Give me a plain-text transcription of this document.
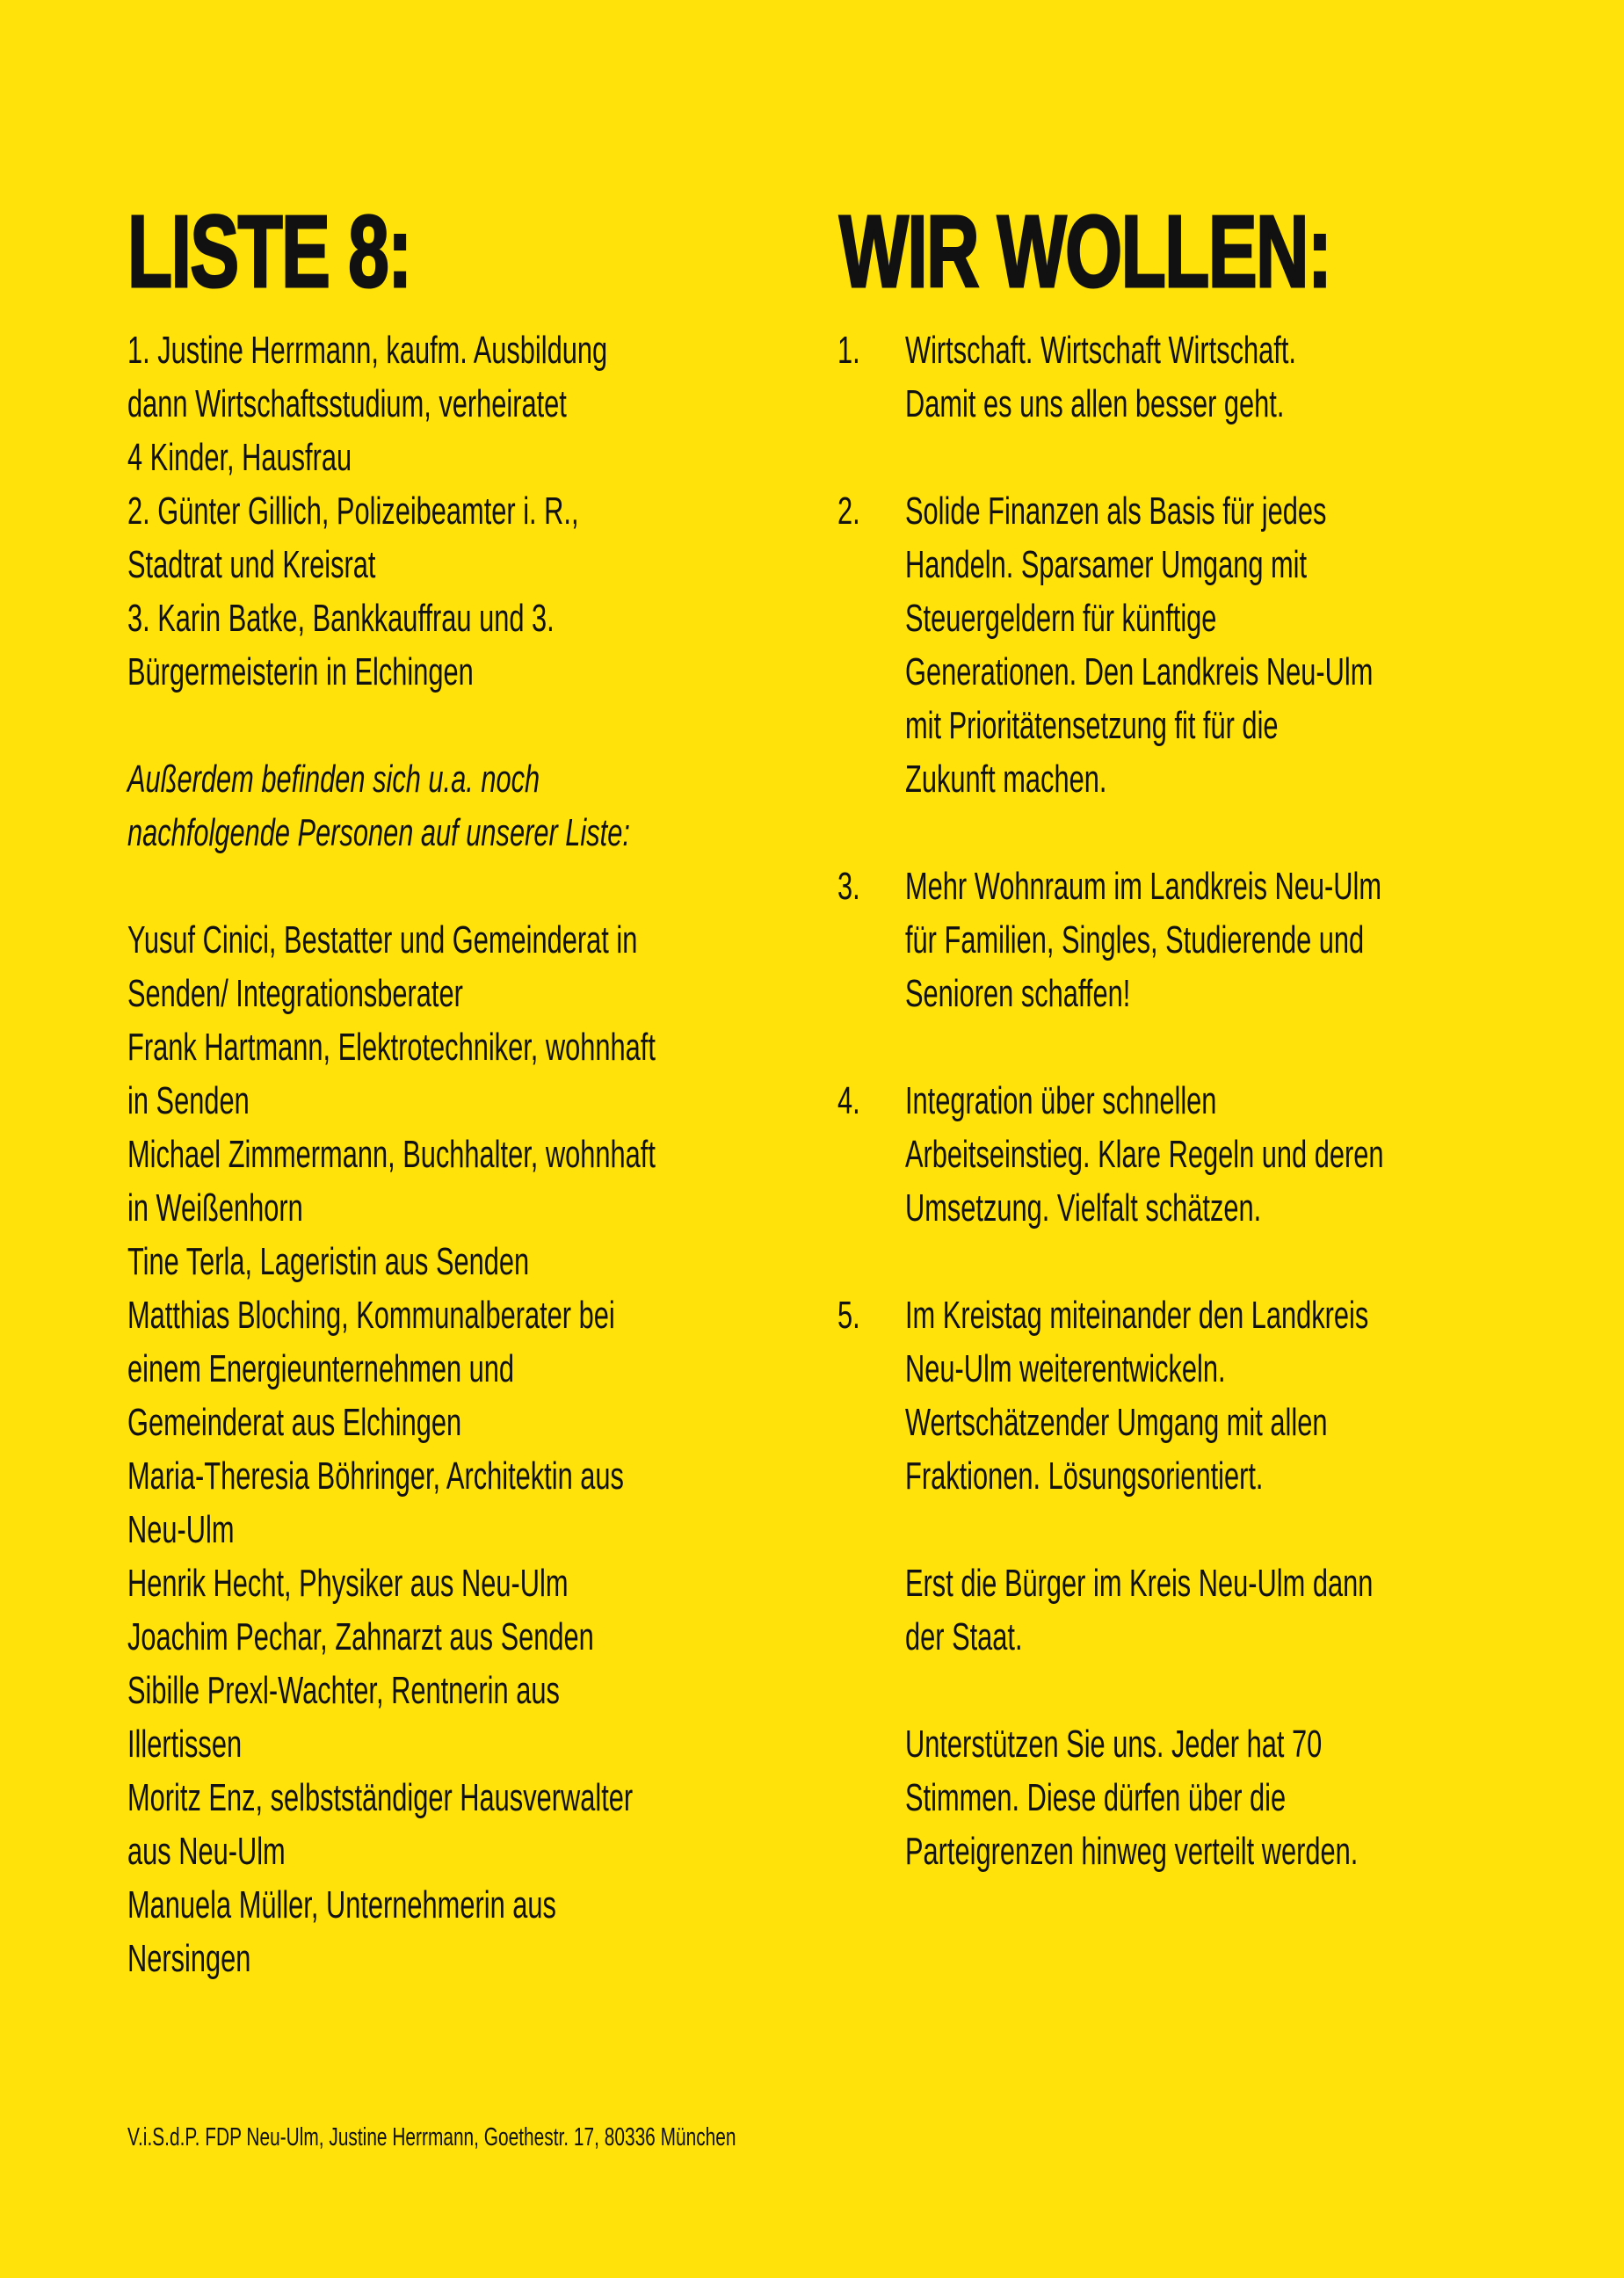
LISTE 8:	WIR WOLLEN:
1. Justine Herrmann, kaufm. Ausbildung
dann Wirtschaftsstudium, verheiratet
4 Kinder, Hausfrau
2. Günter Gillich, Polizeibeamter i. R.,
Stadtrat und Kreisrat
3. Karin Batke, Bankkauffrau und 3.
Bürgermeisterin in Elchingen
Außerdem befinden sich u.a. noch
nachfolgende Personen auf unserer Liste:
Yusuf Cinici, Bestatter und Gemeinderat in
Senden/ Integrationsberater
Frank Hartmann, Elektrotechniker, wohnhaft
in Senden
Michael Zimmermann, Buchhalter, wohnhaft
in Weißenhorn
Tine Terla, Lageristin aus Senden
Matthias Bloching, Kommunalberater bei
einem Energieunternehmen und
Gemeinderat aus Elchingen
Maria-Theresia Böhringer, Architektin aus
Neu-Ulm
Henrik Hecht, Physiker aus Neu-Ulm
Joachim Pechar, Zahnarzt aus Senden
Sibille Prexl-Wachter, Rentnerin aus
Illertissen
Moritz Enz, selbstständiger Hausverwalter
aus Neu-Ulm
Manuela Müller, Unternehmerin aus
Nersingen
1. Wirtschaft. Wirtschaft Wirtschaft.
Damit es uns allen besser geht.
2. Solide Finanzen als Basis für jedes
Handeln. Sparsamer Umgang mit
Steuergeldern für künftige
Generationen. Den Landkreis Neu-Ulm
mit Prioritätensetzung fit für die
Zukunft machen.
3. Mehr Wohnraum im Landkreis Neu-Ulm
für Familien, Singles, Studierende und
Senioren schaffen!
4. Integration über schnellen
Arbeitseinstieg. Klare Regeln und deren
Umsetzung. Vielfalt schätzen.
5. Im Kreistag miteinander den Landkreis
Neu-Ulm weiterentwickeln.
Wertschätzender Umgang mit allen
Fraktionen. Lösungsorientiert.
Erst die Bürger im Kreis Neu-Ulm dann
der Staat.
Unterstützen Sie uns. Jeder hat 70
Stimmen. Diese dürfen über die
Parteigrenzen hinweg verteilt werden.
V.i.S.d.P. FDP Neu-Ulm, Justine Herrmann, Goethestr. 17, 80336 München
